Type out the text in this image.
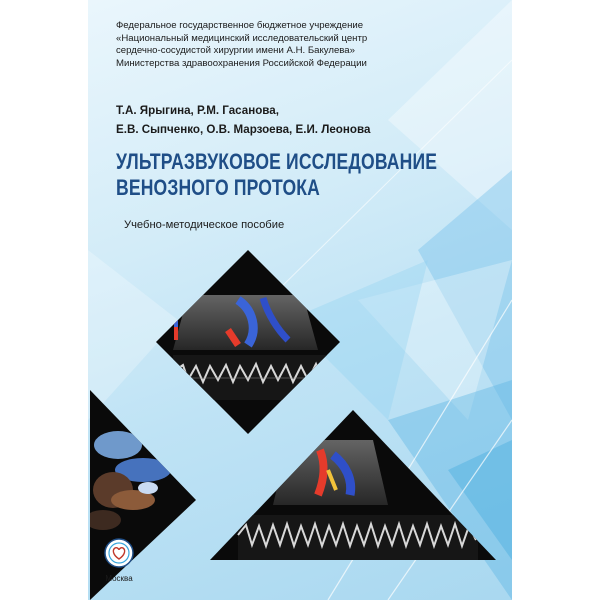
Федеральное государственное бюджетное учреждение
«Национальный медицинский исследовательский центр
сердечно-сосудистой хирургии имени А.Н. Бакулева»
Министерства здравоохранения Российской Федерации
Т.А. Ярыгина, Р.М. Гасанова,
Е.В. Сыпченко, О.В. Марзоева, Е.И. Леонова
УЛЬТРАЗВУКОВОЕ ИССЛЕДОВАНИЕ
ВЕНОЗНОГО ПРОТОКА
Учебно-методическое пособие
Москва
